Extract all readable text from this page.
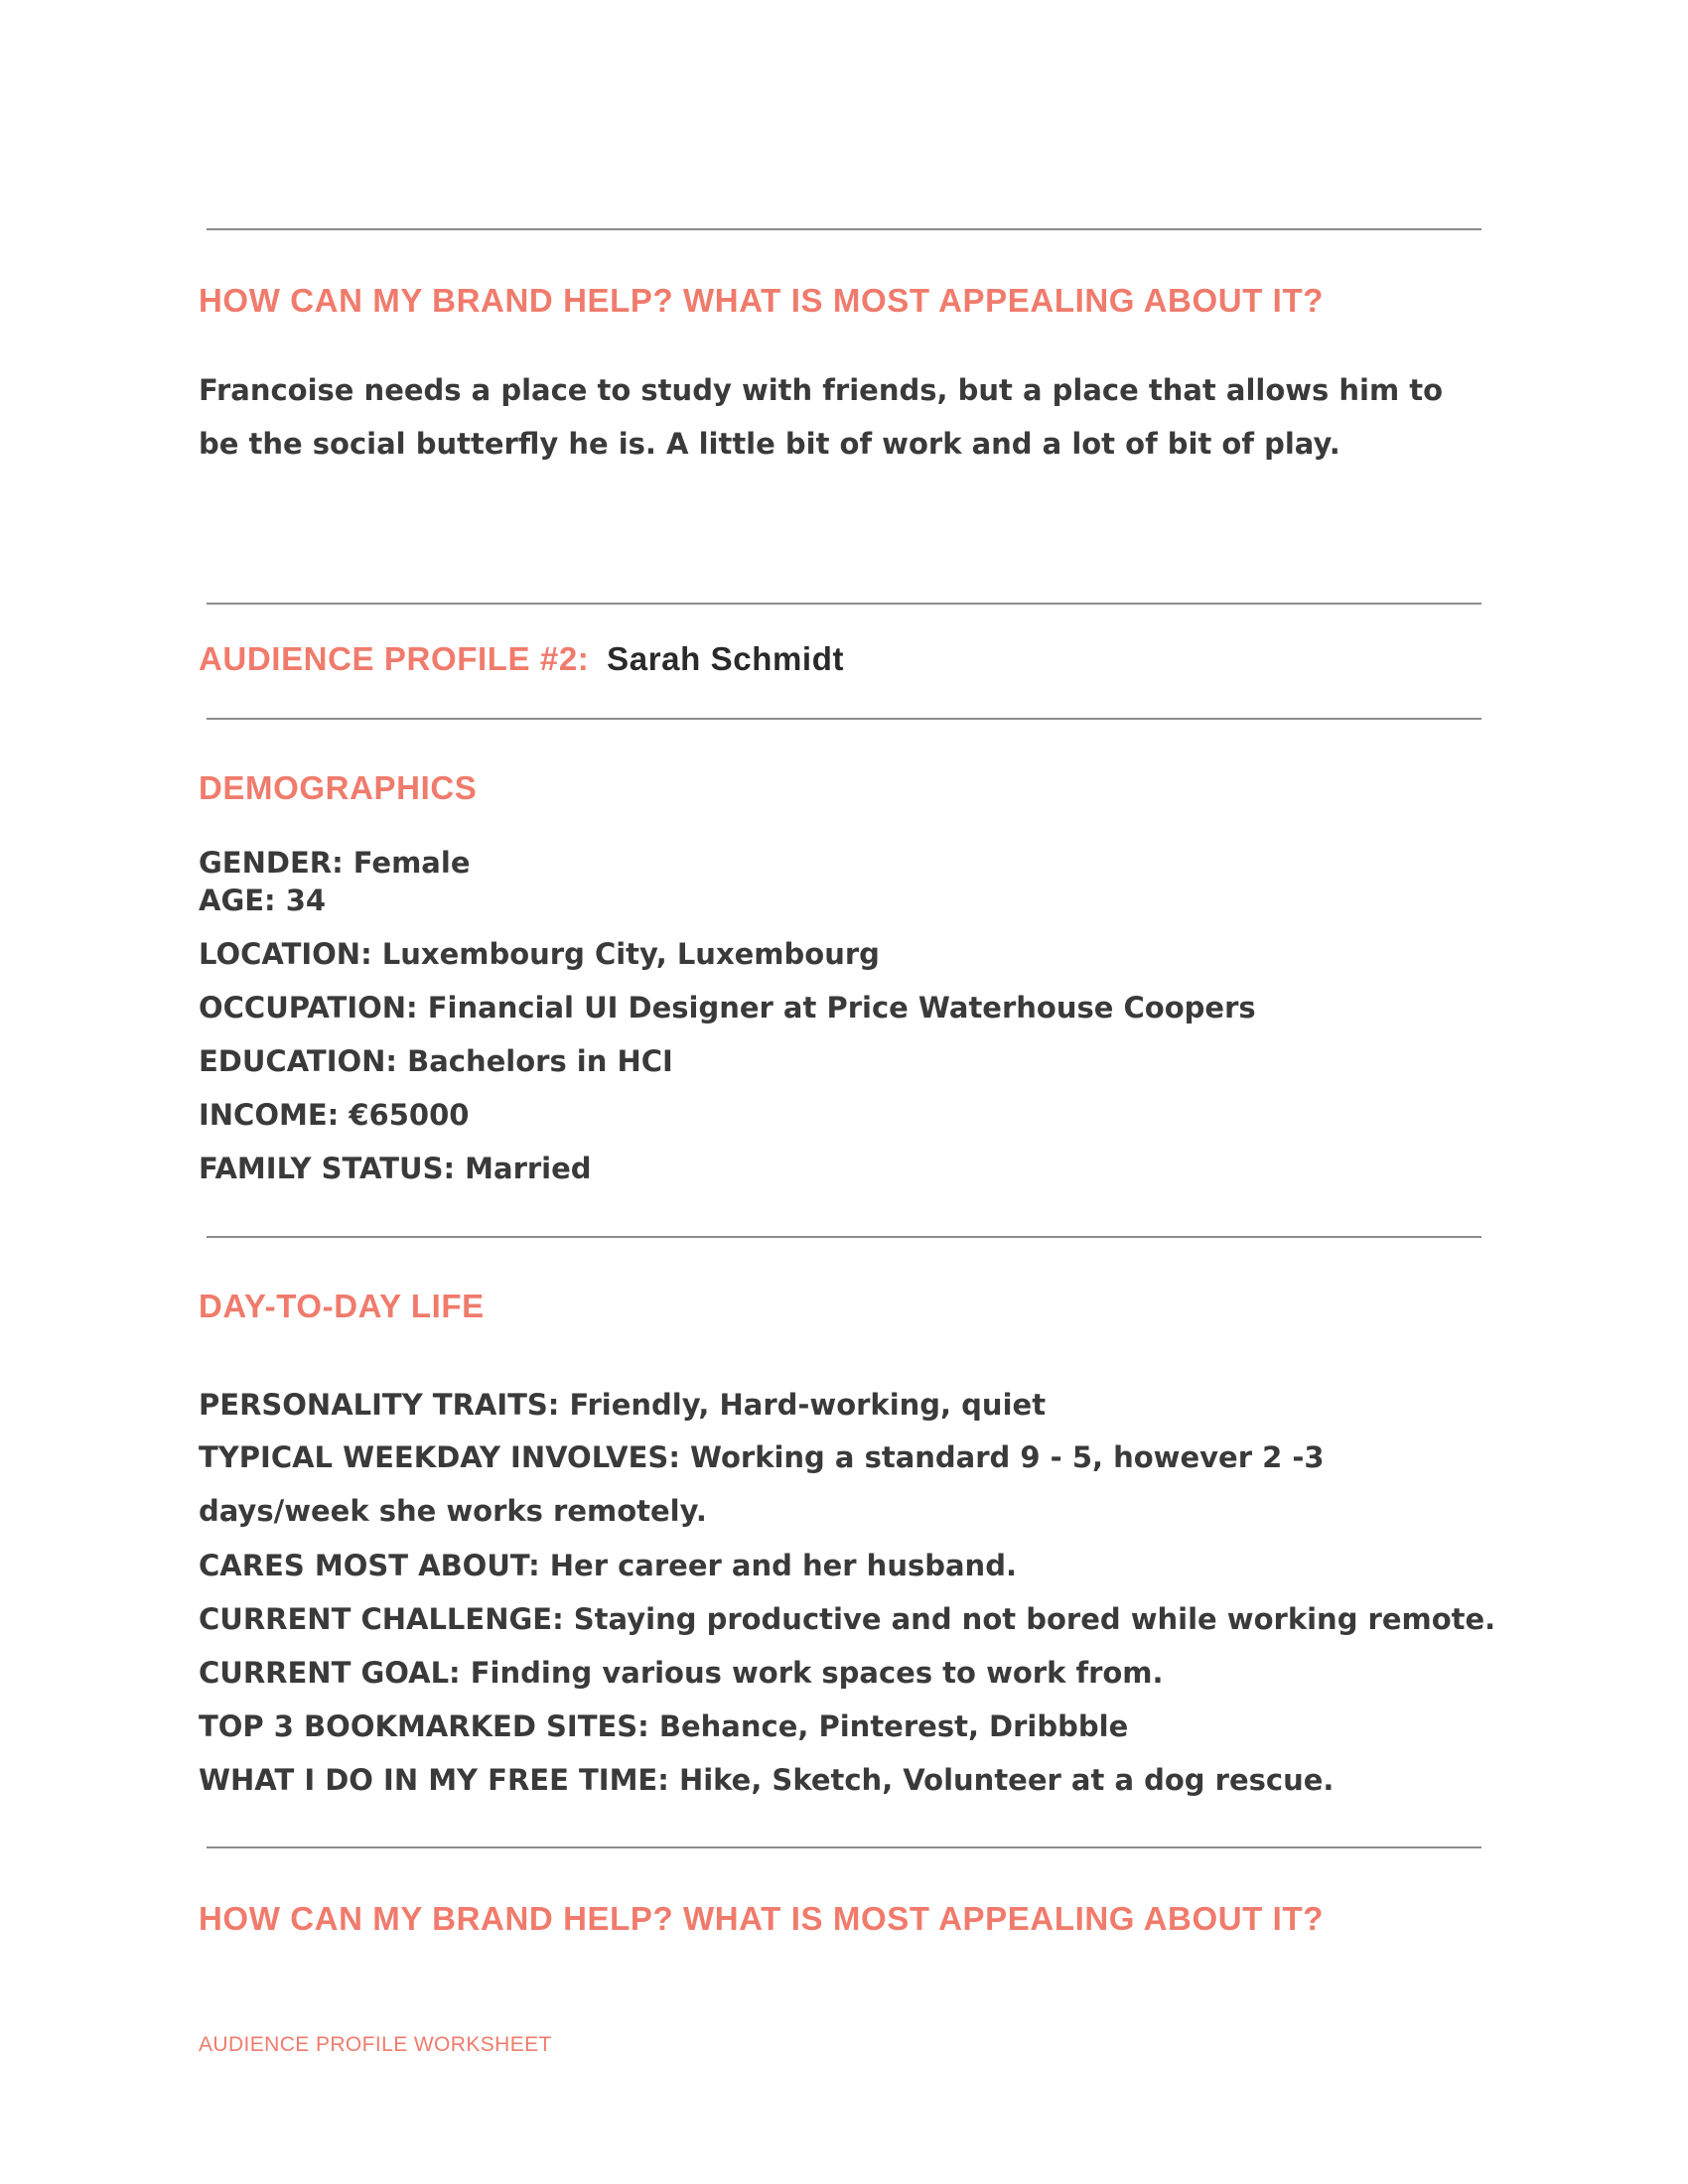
HOW CAN MY BRAND HELP? WHAT IS MOST APPEALING ABOUT IT?
Francoise needs a place to study with friends, but a place that allows him to be the social butterfly he is. A little bit of work and a lot of bit of play.
AUDIENCE PROFILE #2: Sarah Schmidt
DEMOGRAPHICS
GENDER: Female
AGE: 34
LOCATION: Luxembourg City, Luxembourg
OCCUPATION: Financial UI Designer at Price Waterhouse Coopers
EDUCATION: Bachelors in HCI
INCOME: €65000
FAMILY STATUS: Married
DAY-TO-DAY LIFE
PERSONALITY TRAITS: Friendly, Hard-working, quiet
TYPICAL WEEKDAY INVOLVES: Working a standard 9 - 5, however 2 -3 days/week she works remotely.
CARES MOST ABOUT: Her career and her husband.
CURRENT CHALLENGE: Staying productive and not bored while working remote.
CURRENT GOAL: Finding various work spaces to work from.
TOP 3 BOOKMARKED SITES: Behance, Pinterest, Dribbble
WHAT I DO IN MY FREE TIME: Hike, Sketch, Volunteer at a dog rescue.
HOW CAN MY BRAND HELP? WHAT IS MOST APPEALING ABOUT IT?
AUDIENCE PROFILE WORKSHEET
